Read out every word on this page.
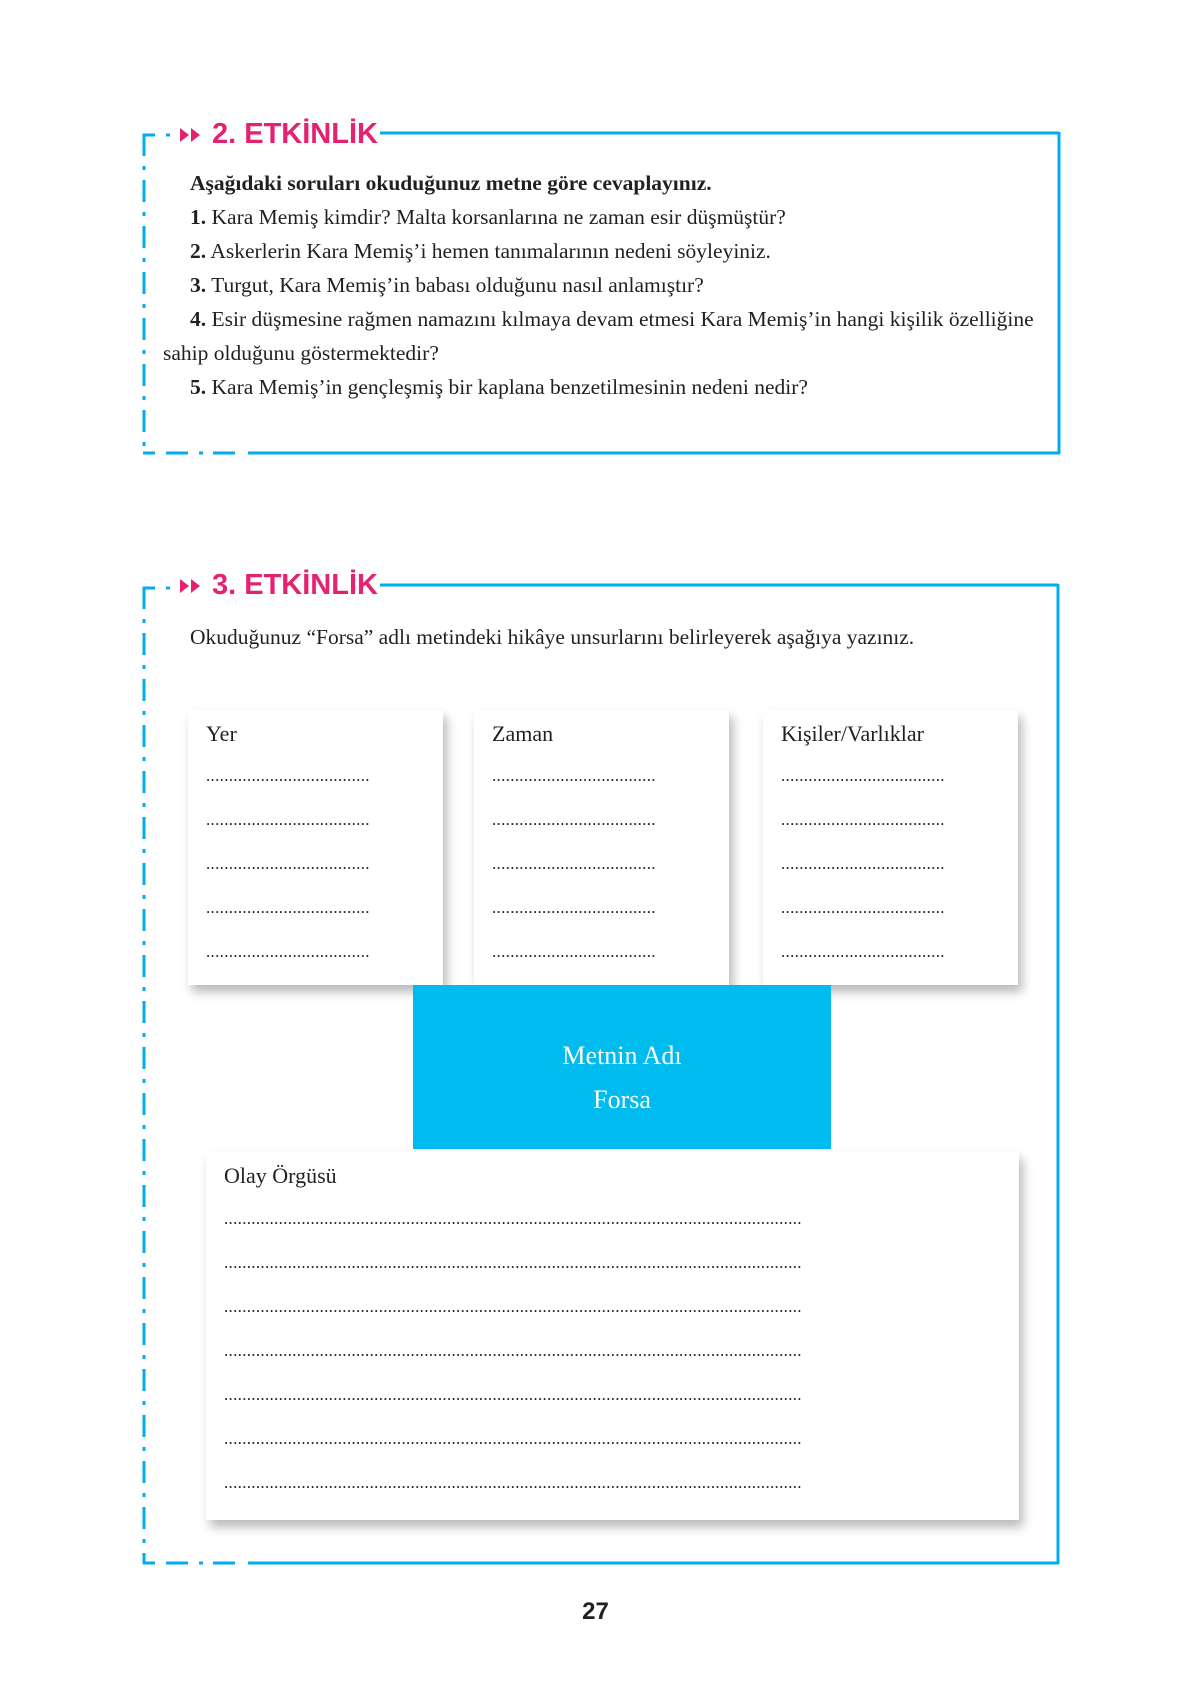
2. ETKİNLİK

Aşağıdaki soruları okuduğunuz metne göre cevaplayınız.

1. Kara Memiş kimdir? Malta korsanlarına ne zaman esir düşmüştür?

2. Askerlerin Kara Memiş’i hemen tanımalarının nedeni söyleyiniz.

3. Turgut, Kara Memiş’in babası olduğunu nasıl anlamıştır?

4. Esir düşmesine rağmen namazını kılmaya devam etmesi Kara Memiş’in hangi kişilik özelliğine sahip olduğunu göstermektedir?

5. Kara Memiş’in gençleşmiş bir kaplana benzetilmesinin nedeni nedir?

3. ETKİNLİK

Okuduğunuz “Forsa” adlı metindeki hikâye unsurlarını belirleyerek aşağıya yazınız.

Yer
....................................
....................................
....................................
....................................
....................................
Zaman
....................................
....................................
....................................
....................................
....................................
Kişiler/Varlıklar
....................................
....................................
....................................
....................................
....................................
Metnin Adı
Forsa
Olay Örgüsü
...............................................................................................................................
...............................................................................................................................
...............................................................................................................................
...............................................................................................................................
...............................................................................................................................
...............................................................................................................................
...............................................................................................................................
27
